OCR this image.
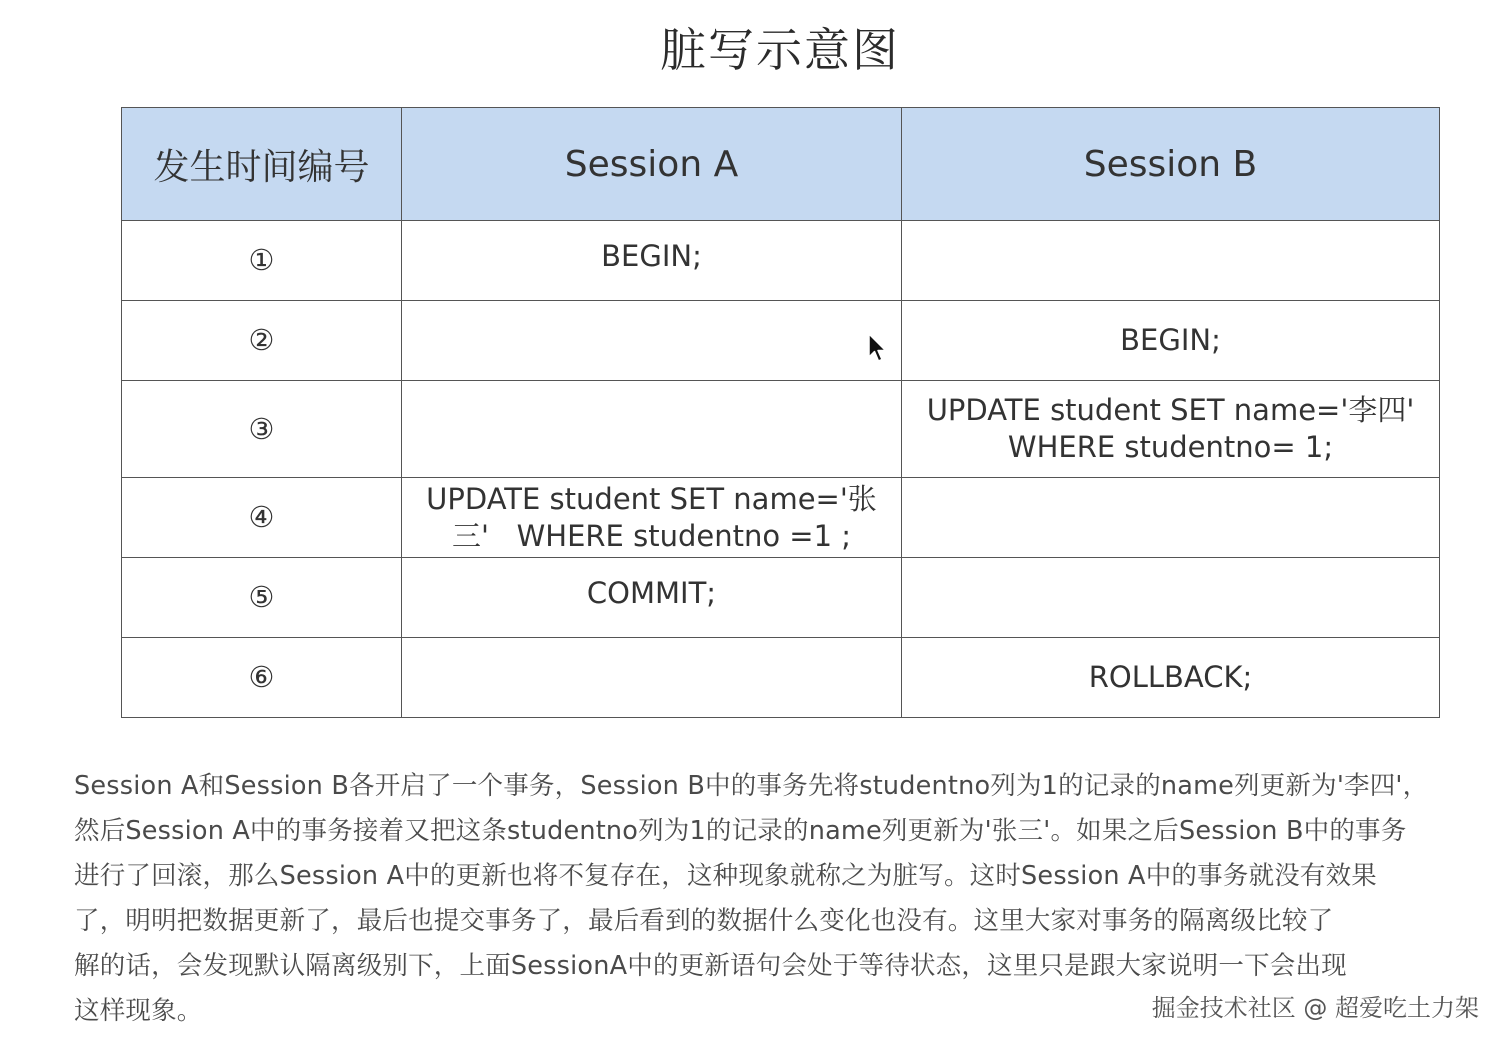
脏写示意图
发生时间编号	Session A	Session B
①	BEGIN;	
②		BEGIN;
③		UPDATE student SET name='李四'
WHERE studentno= 1;

④	UPDATE student SET name='张
三'   WHERE studentno =1 ;	

⑤	COMMIT;	
⑥		ROLLBACK;
Session A和Session B各开启了一个事务，Session B中的事务先将studentno列为1的记录的name列更新为'李四'，
然后Session A中的事务接着又把这条studentno列为1的记录的name列更新为'张三'。如果之后Session B中的事务
进行了回滚，那么Session A中的更新也将不复存在，这种现象就称之为脏写。这时Session A中的事务就没有效果
了，明明把数据更新了，最后也提交事务了，最后看到的数据什么变化也没有。这里大家对事务的隔离级比较了
解的话，会发现默认隔离级别下，上面SessionA中的更新语句会处于等待状态，这里只是跟大家说明一下会出现
这样现象。	掘金技术社区 @ 超爱吃土力架
